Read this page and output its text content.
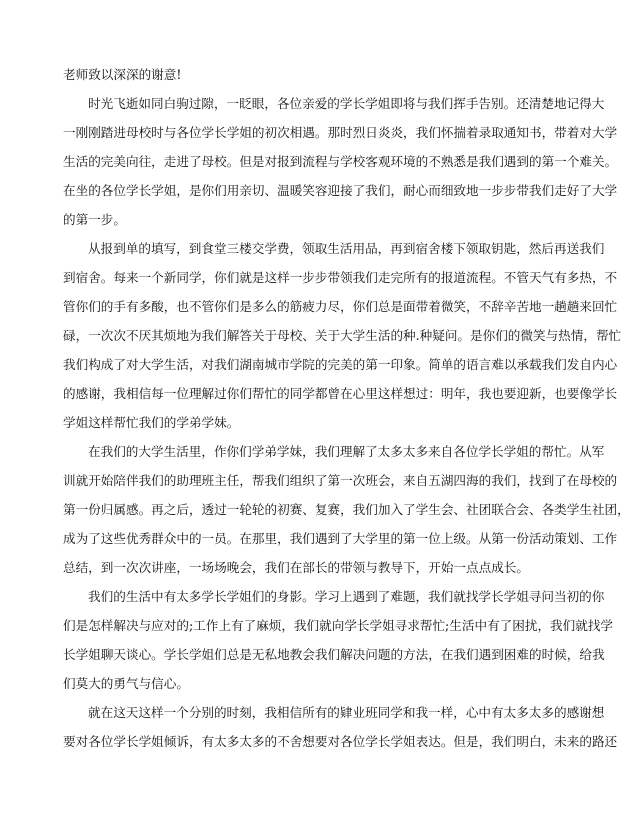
老师致以深深的谢意!
时光飞逝如同白驹过隙，一眨眼，各位亲爱的学长学姐即将与我们挥手告别。还清楚地记得大
一刚刚踏进母校时与各位学长学姐的初次相遇。那时烈日炎炎，我们怀揣着录取通知书，带着对大学
生活的完美向往，走进了母校。但是对报到流程与学校客观环境的不熟悉是我们遇到的第一个难关。
在坐的各位学长学姐，是你们用亲切、温暖笑容迎接了我们，耐心而细致地一步步带我们走好了大学
的第一步。
从报到单的填写，到食堂三楼交学费，领取生活用品，再到宿舍楼下领取钥匙，然后再送我们
到宿舍。每来一个新同学，你们就是这样一步步带领我们走完所有的报道流程。不管天气有多热，不
管你们的手有多酸，也不管你们是多么的筋疲力尽，你们总是面带着微笑，不辞辛苦地一趟趟来回忙
碌，一次次不厌其烦地为我们解答关于母校、关于大学生活的种.种疑问。是你们的微笑与热情，帮忙
我们构成了对大学生活，对我们湖南城市学院的完美的第一印象。简单的语言难以承载我们发自内心
的感谢，我相信每一位理解过你们帮忙的同学都曾在心里这样想过：明年，我也要迎新，也要像学长
学姐这样帮忙我们的学弟学妹。
在我们的大学生活里，作你们学弟学妹，我们理解了太多太多来自各位学长学姐的帮忙。从军
训就开始陪伴我们的助理班主任，帮我们组织了第一次班会，来自五湖四海的我们，找到了在母校的
第一份归属感。再之后，透过一轮轮的初赛、复赛，我们加入了学生会、社团联合会、各类学生社团，
成为了这些优秀群众中的一员。在那里，我们遇到了大学里的第一位上级。从第一份活动策划、工作
总结，到一次次讲座，一场场晚会，我们在部长的带领与教导下，开始一点点成长。
我们的生活中有太多学长学姐们的身影。学习上遇到了难题，我们就找学长学姐寻问当初的你
们是怎样解决与应对的;工作上有了麻烦，我们就向学长学姐寻求帮忙;生活中有了困扰，我们就找学
长学姐聊天谈心。学长学姐们总是无私地教会我们解决问题的方法，在我们遇到困难的时候，给我
们莫大的勇气与信心。
就在这天这样一个分别的时刻，我相信所有的肄业班同学和我一样，心中有太多太多的感谢想
要对各位学长学姐倾诉，有太多太多的不舍想要对各位学长学姐表达。但是，我们明白，未来的路还
